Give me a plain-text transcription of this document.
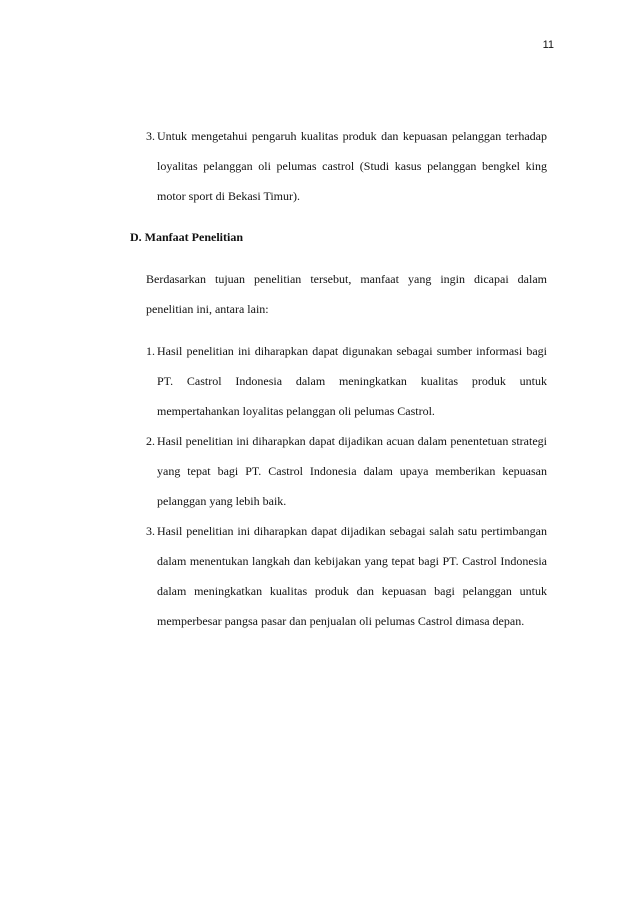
11
3. Untuk mengetahui pengaruh kualitas produk dan kepuasan pelanggan terhadap loyalitas pelanggan oli pelumas castrol (Studi kasus pelanggan bengkel king motor sport di Bekasi Timur).
D. Manfaat Penelitian
Berdasarkan tujuan penelitian tersebut, manfaat yang ingin dicapai dalam penelitian ini, antara lain:
1. Hasil penelitian ini diharapkan dapat digunakan sebagai sumber informasi bagi PT. Castrol Indonesia dalam meningkatkan kualitas produk untuk mempertahankan loyalitas pelanggan oli pelumas Castrol.
2. Hasil penelitian ini diharapkan dapat dijadikan acuan dalam penentetuan strategi yang tepat bagi PT. Castrol Indonesia dalam upaya memberikan kepuasan pelanggan yang lebih baik.
3. Hasil penelitian ini diharapkan dapat dijadikan sebagai salah satu pertimbangan dalam menentukan langkah dan kebijakan yang tepat bagi PT. Castrol Indonesia dalam meningkatkan kualitas produk dan kepuasan bagi pelanggan untuk memperbesar pangsa pasar dan penjualan oli pelumas Castrol dimasa depan.
